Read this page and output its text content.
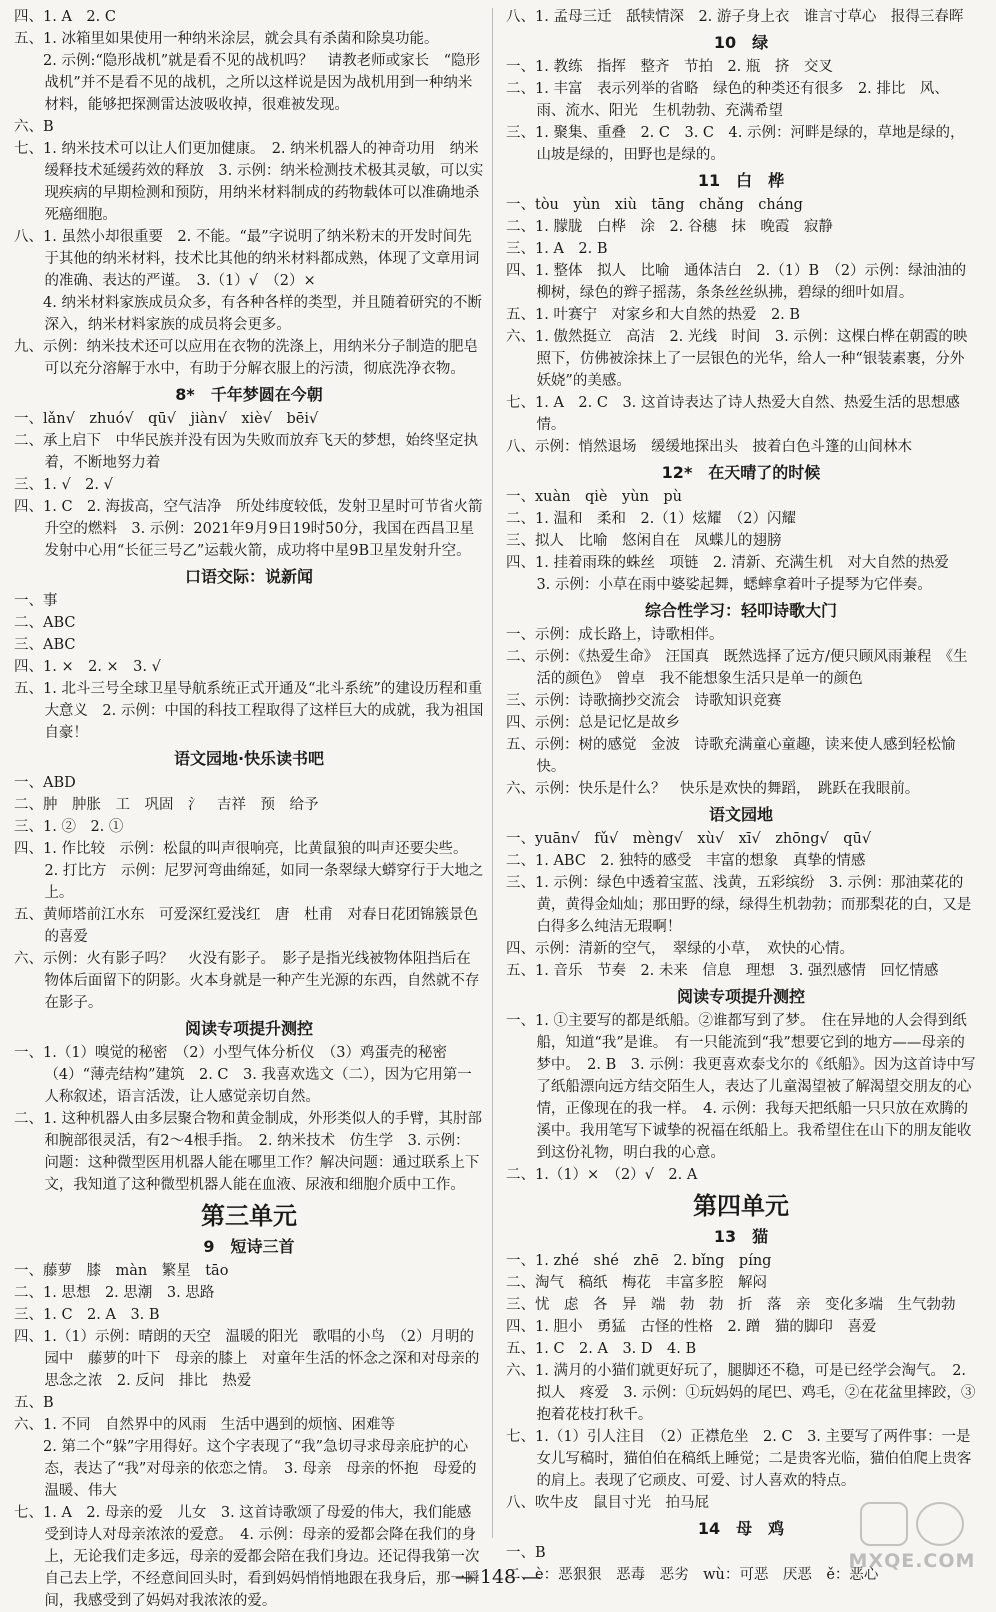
四、1. A　2. C

五、1. 冰箱里如果使用一种纳米涂层，就会具有杀菌和除臭功能。

　　2. 示例:“隐形战机”就是看不见的战机吗？　请教老师或家长　“隐形战机”并不是看不见的战机，之所以这样说是因为战机用到一种纳米材料，能够把探测雷达波吸收掉，很难被发现。

六、B

七、1. 纳米技术可以让人们更加健康。　2. 纳米机器人的神奇功用　纳米缓释技术延缓药效的释放　3. 示例：纳米检测技术极其灵敏，可以实现疾病的早期检测和预防，用纳米材料制成的药物载体可以准确地杀死癌细胞。

八、1. 虽然小却很重要　2. 不能。“最”字说明了纳米粉末的开发时间先于其他的纳米材料，技术比其他的纳米材料都成熟，体现了文章用词的准确、表达的严谨。　3.（1）√　（2）×

　　4. 纳米材料家族成员众多，有各种各样的类型，并且随着研究的不断深入，纳米材料家族的成员将会更多。

九、示例：纳米技术还可以应用在衣物的洗涤上，用纳米分子制造的肥皂可以充分溶解于水中，有助于分解衣服上的污渍，彻底洗净衣物。

8*　千年梦圆在今朝

一、lǎn√　zhuó√　qū√　jiàn√　xiè√　bēi√

二、承上启下　中华民族并没有因为失败而放弃飞天的梦想，始终坚定执着，不断地努力着

三、1. √　2. √

四、1. C　2. 海拔高，空气洁净　所处纬度较低，发射卫星时可节省火箭升空的燃料　3. 示例：2021年9月9日19时50分，我国在西昌卫星发射中心用“长征三号乙”运载火箭，成功将中星9B卫星发射升空。

口语交际：说新闻

一、事

二、ABC

三、ABC

四、1. ×　2. ×　3. √

五、1. 北斗三号全球卫星导航系统正式开通及“北斗系统”的建设历程和重大意义　2. 示例：中国的科技工程取得了这样巨大的成就，我为祖国自豪！

语文园地·快乐读书吧

一、ABD

二、肿　肿胀　工　巩固　氵　吉祥　预　给予

三、1. ②　2. ①

四、1. 作比较　示例：松鼠的叫声很响亮，比黄鼠狼的叫声还要尖些。　2. 打比方　示例：尼罗河弯曲绵延，如同一条翠绿大蟒穿行于大地之上。

五、黄师塔前江水东　可爱深红爱浅红　唐　杜甫　对春日花团锦簇景色的喜爱

六、示例：火有影子吗？　火没有影子。　影子是指光线被物体阻挡后在物体后面留下的阴影。火本身就是一种产生光源的东西，自然就不存在影子。

阅读专项提升测控

一、1.（1）嗅觉的秘密　（2）小型气体分析仪　（3）鸡蛋壳的秘密　（4）“薄壳结构”建筑　2. C　3. 我喜欢选文（二），因为它用第一人称叙述，语言活泼，让人感觉亲切自然。

二、1. 这种机器人由多层聚合物和黄金制成，外形类似人的手臂，其肘部和腕部很灵活，有2～4根手指。　2. 纳米技术　仿生学　3. 示例：问题：这种微型医用机器人能在哪里工作？解决问题：通过联系上下文，我知道了这种微型机器人能在血液、尿液和细胞介质中工作。

第三单元

9　短诗三首

一、藤萝　膝　màn　繁星　tāo

二、1. 思想　2. 思潮　3. 思路

三、1. C　2. A　3. B

四、1.（1）示例：晴朗的天空　温暖的阳光　歌唱的小鸟　（2）月明的园中　藤萝的叶下　母亲的膝上　对童年生活的怀念之深和对母亲的思念之浓　2. 反问　排比　热爱

五、B

六、1. 不同　自然界中的风雨　生活中遇到的烦恼、困难等

　　2. 第二个“躲”字用得好。这个字表现了“我”急切寻求母亲庇护的心态，表达了“我”对母亲的依恋之情。　3. 母亲　母亲的怀抱　母爱的温暖、伟大

七、1. A　2. 母亲的爱　儿女　3. 这首诗歌颂了母爱的伟大，我们能感受到诗人对母亲浓浓的爱意。　4. 示例：母亲的爱都会降在我们的身上，无论我们走多远，母亲的爱都会陪在我们身边。还记得我第一次自己去上学，不经意间回头时，看到妈妈悄悄地跟在我身后，那一瞬间，我感受到了妈妈对我浓浓的爱。

八、1. 孟母三迁　舐犊情深　2. 游子身上衣　谁言寸草心　报得三春晖

10　绿

一、1. 教练　指挥　整齐　节拍　2. 瓶　挤　交叉

二、1. 丰富　表示列举的省略　绿色的种类还有很多　2. 排比　风、雨、流水、阳光　生机勃勃、充满希望

三、1. 聚集、重叠　2. C　3. C　4. 示例：河畔是绿的，草地是绿的，山坡是绿的，田野也是绿的。

11　白　桦

一、tòu　yùn　xiù　tāng　chǎng　cháng

二、1. 朦胧　白桦　涂　2. 谷穗　抹　晚霞　寂静

三、1. A　2. B

四、1. 整体　拟人　比喻　通体洁白　2.（1）B　（2）示例：绿油油的柳树，绿色的辫子摇荡，条条丝丝纵拂，碧绿的细叶如眉。

五、1. 叶赛宁　对家乡和大自然的热爱　2. B

六、1. 傲然挺立　高洁　2. 光线　时间　3. 示例：这棵白桦在朝霞的映照下，仿佛被涂抹上了一层银色的光华，给人一种“银装素裹，分外妖娆”的美感。

七、1. A　2. C　3. 这首诗表达了诗人热爱大自然、热爱生活的思想感情。

八、示例：悄然退场　缓缓地探出头　披着白色斗篷的山间林木

12*　在天晴了的时候

一、xuàn　qiè　yùn　pù

二、1. 温和　柔和　2.（1）炫耀　（2）闪耀

三、拟人　比喻　悠闲自在　凤蝶儿的翅膀

四、1. 挂着雨珠的蛛丝　项链　2. 清新、充满生机　对大自然的热爱　3. 示例：小草在雨中婆娑起舞，蟋蟀拿着叶子提琴为它伴奏。

综合性学习：轻叩诗歌大门

一、示例：成长路上，诗歌相伴。

二、示例：《热爱生命》　汪国真　既然选择了远方/便只顾风雨兼程　《生活的颜色》　曾卓　我不能想象生活只是单一的颜色

三、示例：诗歌摘抄交流会　诗歌知识竞赛

四、示例：总是记忆是故乡

五、示例：树的感觉　金波　诗歌充满童心童趣，读来使人感到轻松愉快。

六、示例：快乐是什么？　快乐是欢快的舞蹈，　跳跃在我眼前。

语文园地

一、yuān√　fǔ√　mèng√　xù√　xī√　zhōng√　qū√

二、1. ABC　2. 独特的感受　丰富的想象　真挚的情感

三、1. 示例：绿色中透着宝蓝、浅黄，五彩缤纷　3. 示例：那油菜花的黄，黄得金灿灿；那田野的绿，绿得生机勃勃；而那梨花的白，又是白得多么纯洁无瑕啊！

四、示例：清新的空气，　翠绿的小草，　欢快的心情。

五、1. 音乐　节奏　2. 未来　信息　理想　3. 强烈感情　回忆情感

阅读专项提升测控

一、1. ①主要写的都是纸船。②谁都写到了梦。　住在异地的人会得到纸船，知道“我”是谁。　有一只能流到“我”想要它到的地方——母亲的梦中。　2. B　3. 示例：我更喜欢泰戈尔的《纸船》。因为这首诗中写了纸船漂向远方结交陌生人，表达了儿童渴望被了解渴望交朋友的心情，正像现在的我一样。　4. 示例：我每天把纸船一只只放在欢腾的溪中。我用笔写下诚挚的祝福在纸船上。我希望住在山下的朋友能收到这份礼物，明白我的心意。

二、1.（1）×　（2）√　2. A

第四单元

13　猫

一、1. zhé　shé　zhē　2. bǐng　píng

二、淘气　稿纸　梅花　丰富多腔　解闷

三、忧　虑　各　异　端　勃　勃　折　落　亲　变化多端　生气勃勃

四、1. 胆小　勇猛　古怪的性格　2. 蹭　猫的脚印　喜爱

五、1. C　2. A　3. D　4. B

六、1. 满月的小猫们就更好玩了，腿脚还不稳，可是已经学会淘气。　2. 拟人　疼爱　3. 示例：①玩妈妈的尾巴、鸡毛，②在花盆里摔跤，③抱着花枝打秋千。

七、1.（1）引人注目　（2）正襟危坐　2. C　3. 主要写了两件事：一是女儿写稿时，猫伯伯在稿纸上睡觉；二是贵客光临，猫伯伯爬上贵客的肩上。表现了它顽皮、可爱、讨人喜欢的特点。

八、吹牛皮　鼠目寸光　拍马屁

14　母　鸡

一、B

二、è：恶狠狠　恶毒　恶劣　wù：可恶　厌恶　ě：恶心

— 148 —
MXQE.COM
